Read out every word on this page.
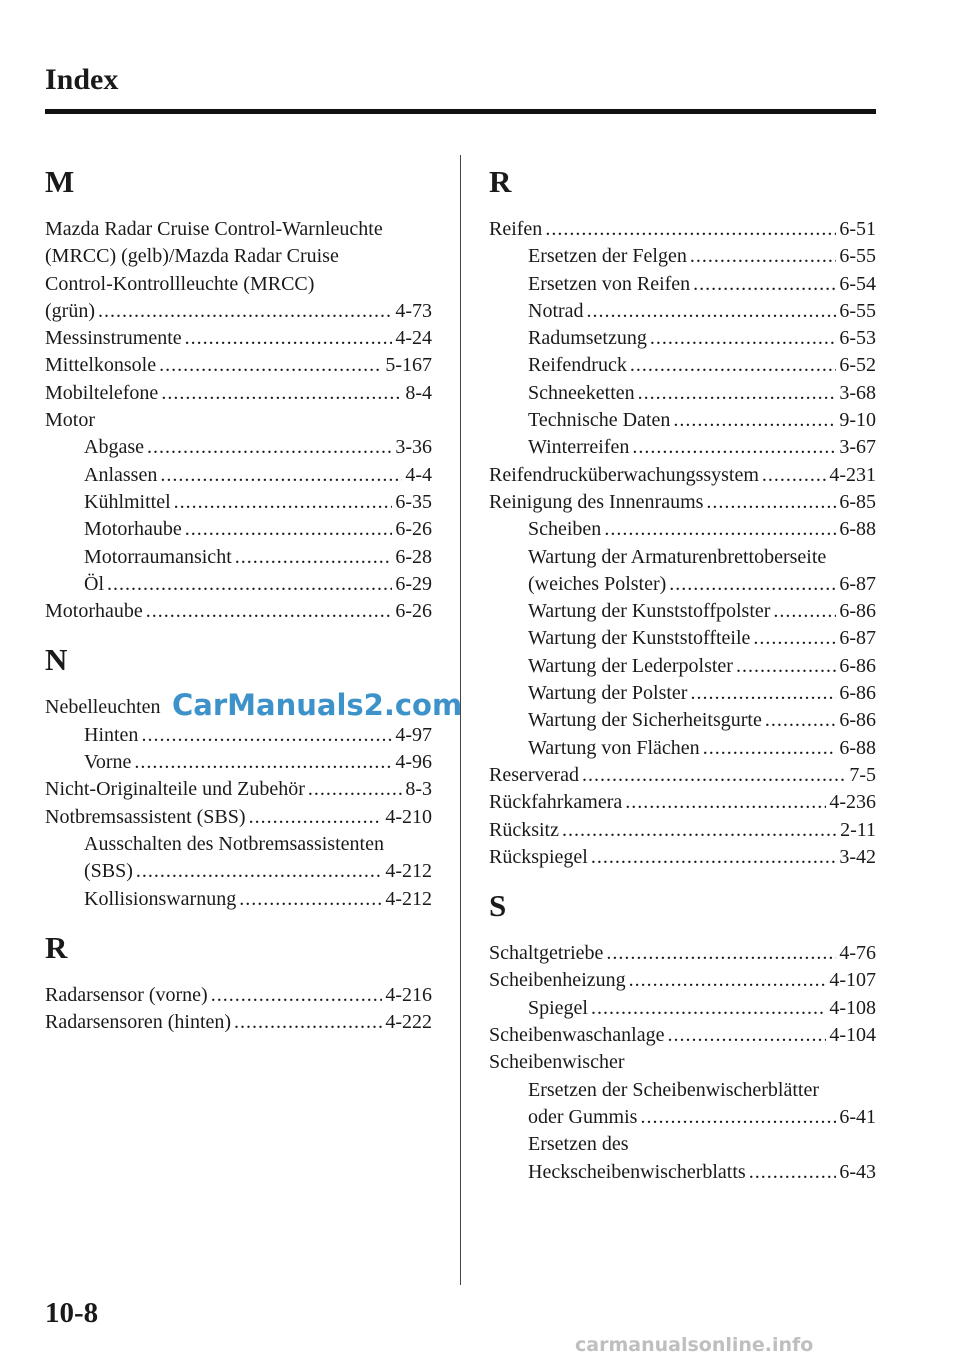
Index
M
Mazda Radar Cruise Control-Warnleuchte
(MRCC) (gelb)/Mazda Radar Cruise
Control-Kontrollleuchte (MRCC)
(grün) .....	4-73
Messinstrumente .....	4-24
Mittelkonsole .....	5-167
Mobiltelefone .....	8-4
Motor
Abgase .....	3-36
Anlassen .....	4-4
Kühlmittel .....	6-35
Motorhaube .....	6-26
Motorraumansicht .....	6-28
Öl .....	6-29
Motorhaube .....	6-26
N
Nebelleuchten
Hinten .....	4-97
Vorne .....	4-96
Nicht-Originalteile und Zubehör .....	8-3
Notbremsassistent (SBS) .....	4-210
Ausschalten des Notbremsassistenten
(SBS) .....	4-212
Kollisionswarnung .....	4-212
R
Radarsensor (vorne) .....	4-216
Radarsensoren (hinten) .....	4-222
R
Reifen .....	6-51
Ersetzen der Felgen .....	6-55
Ersetzen von Reifen .....	6-54
Notrad .....	6-55
Radumsetzung .....	6-53
Reifendruck .....	6-52
Schneeketten .....	3-68
Technische Daten .....	9-10
Winterreifen .....	3-67
Reifendrucküberwachungssystem .....	4-231
Reinigung des Innenraums .....	6-85
Scheiben .....	6-88
Wartung der Armaturenbrettoberseite
(weiches Polster) .....	6-87
Wartung der Kunststoffpolster .....	6-86
Wartung der Kunststoffteile .....	6-87
Wartung der Lederpolster .....	6-86
Wartung der Polster .....	6-86
Wartung der Sicherheitsgurte .....	6-86
Wartung von Flächen .....	6-88
Reserverad .....	7-5
Rückfahrkamera .....	4-236
Rücksitz .....	2-11
Rückspiegel .....	3-42
S
Schaltgetriebe .....	4-76
Scheibenheizung .....	4-107
Spiegel .....	4-108
Scheibenwaschanlage .....	4-104
Scheibenwischer
Ersetzen der Scheibenwischerblätter
oder Gummis .....	6-41
Ersetzen des
Heckscheibenwischerblatts .....	6-43
CarManuals2.com
10-8
carmanualsonline.info
